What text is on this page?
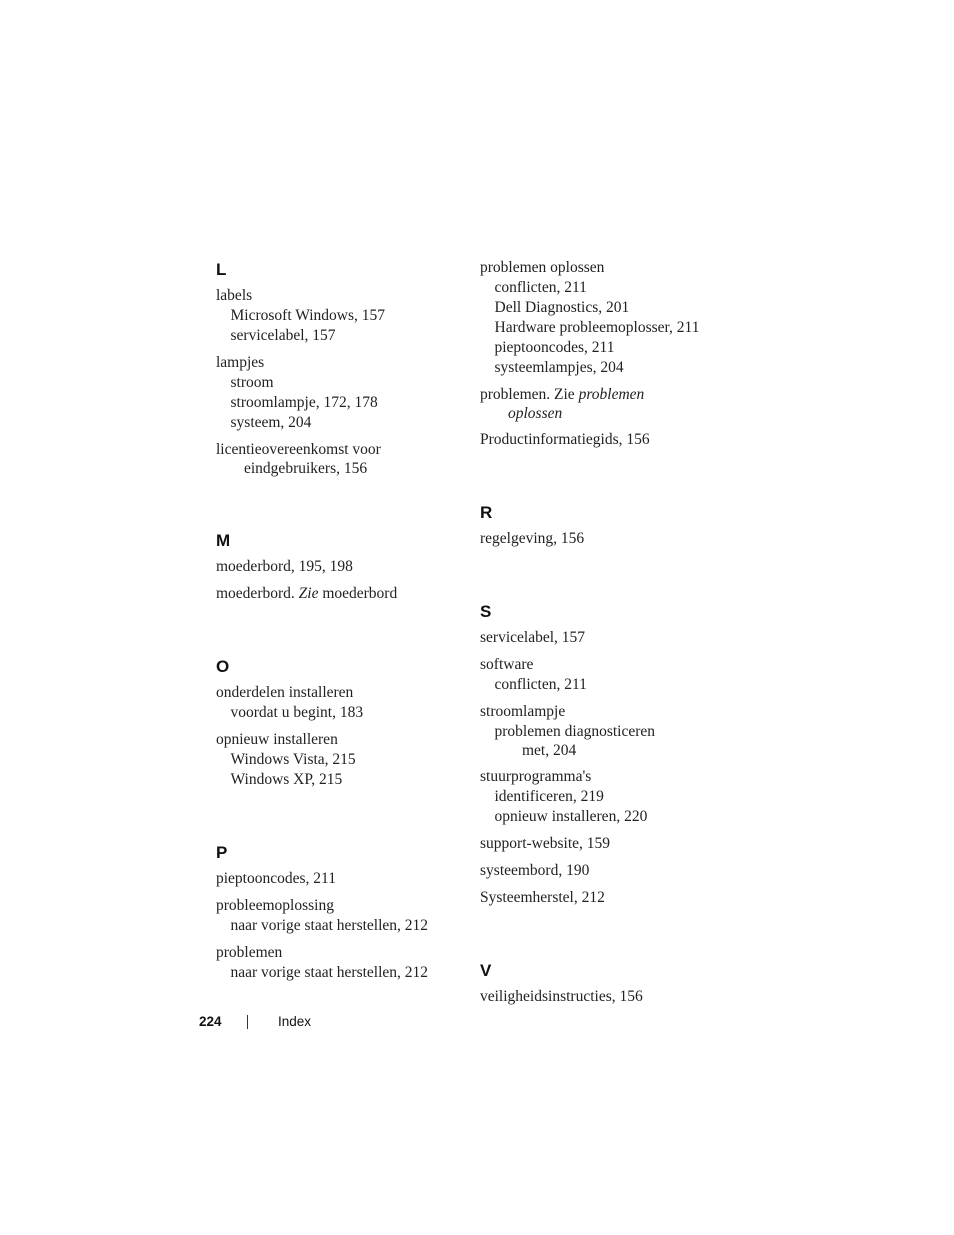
L
labels
Microsoft Windows, 157
servicelabel, 157
lampjes
stroom
stroomlampje, 172, 178
systeem, 204
licentieovereenkomst voor
eindgebruikers, 156
M
moederbord, 195, 198
moederbord. Zie moederbord
O
onderdelen installeren
voordat u begint, 183
opnieuw installeren
Windows Vista, 215
Windows XP, 215
P
pieptooncodes, 211
probleemoplossing
naar vorige staat herstellen, 212
problemen
naar vorige staat herstellen, 212
problemen oplossen
conflicten, 211
Dell Diagnostics, 201
Hardware probleemoplosser, 211
pieptooncodes, 211
systeemlampjes, 204
problemen. Zie problemen
oplossen
Productinformatiegids, 156
R
regelgeving, 156
S
servicelabel, 157
software
conflicten, 211
stroomlampje
problemen diagnosticeren
met, 204
stuurprogramma's
identificeren, 219
opnieuw installeren, 220
support-website, 159
systeembord, 190
Systeemherstel, 212
V
veiligheidsinstructies, 156
224	Index
